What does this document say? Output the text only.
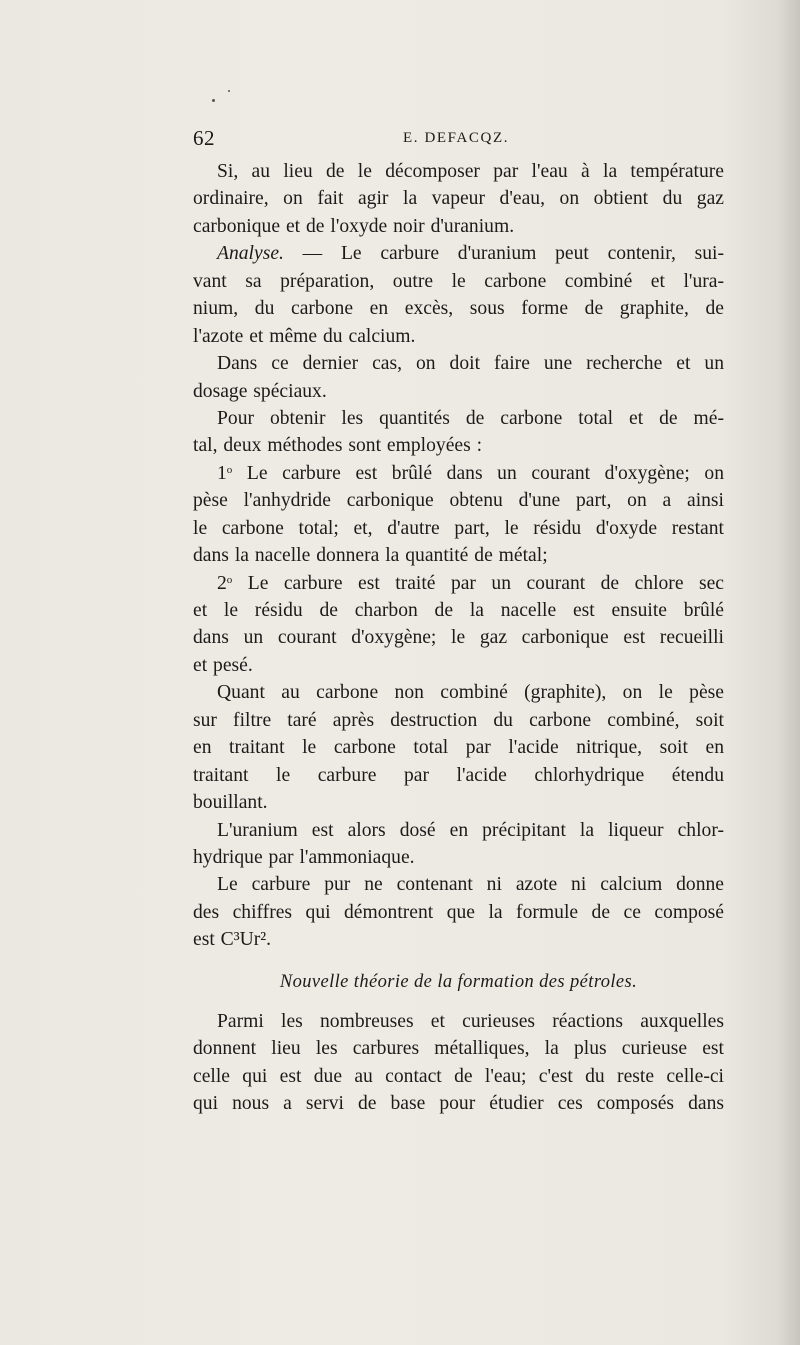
62	E. DEFACQZ.
Si, au lieu de le décomposer par l'eau à la température
ordinaire, on fait agir la vapeur d'eau, on obtient du gaz
carbonique et de l'oxyde noir d'uranium.
Analyse. — Le carbure d'uranium peut contenir, sui-
vant sa préparation, outre le carbone combiné et l'ura-
nium, du carbone en excès, sous forme de graphite, de
l'azote et même du calcium.
Dans ce dernier cas, on doit faire une recherche et un
dosage spéciaux.
Pour obtenir les quantités de carbone total et de mé-
tal, deux méthodes sont employées :
1$^o$ Le carbure est brûlé dans un courant d'oxygène; on
pèse l'anhydride carbonique obtenu d'une part, on a ainsi
le carbone total; et, d'autre part, le résidu d'oxyde restant
dans la nacelle donnera la quantité de métal;
2$^o$ Le carbure est traité par un courant de chlore sec
et le résidu de charbon de la nacelle est ensuite brûlé
dans un courant d'oxygène; le gaz carbonique est recueilli
et pesé.
Quant au carbone non combiné (graphite), on le pèse
sur filtre taré après destruction du carbone combiné, soit
en traitant le carbone total par l'acide nitrique, soit en
traitant le carbure par l'acide chlorhydrique étendu
bouillant.
L'uranium est alors dosé en précipitant la liqueur chlor-
hydrique par l'ammoniaque.
Le carbure pur ne contenant ni azote ni calcium donne
des chiffres qui démontrent que la formule de ce composé
est C³Ur².
Nouvelle théorie de la formation des pétroles.
Parmi les nombreuses et curieuses réactions auxquelles
donnent lieu les carbures métalliques, la plus curieuse est
celle qui est due au contact de l'eau; c'est du reste celle-ci
qui nous a servi de base pour étudier ces composés dans
